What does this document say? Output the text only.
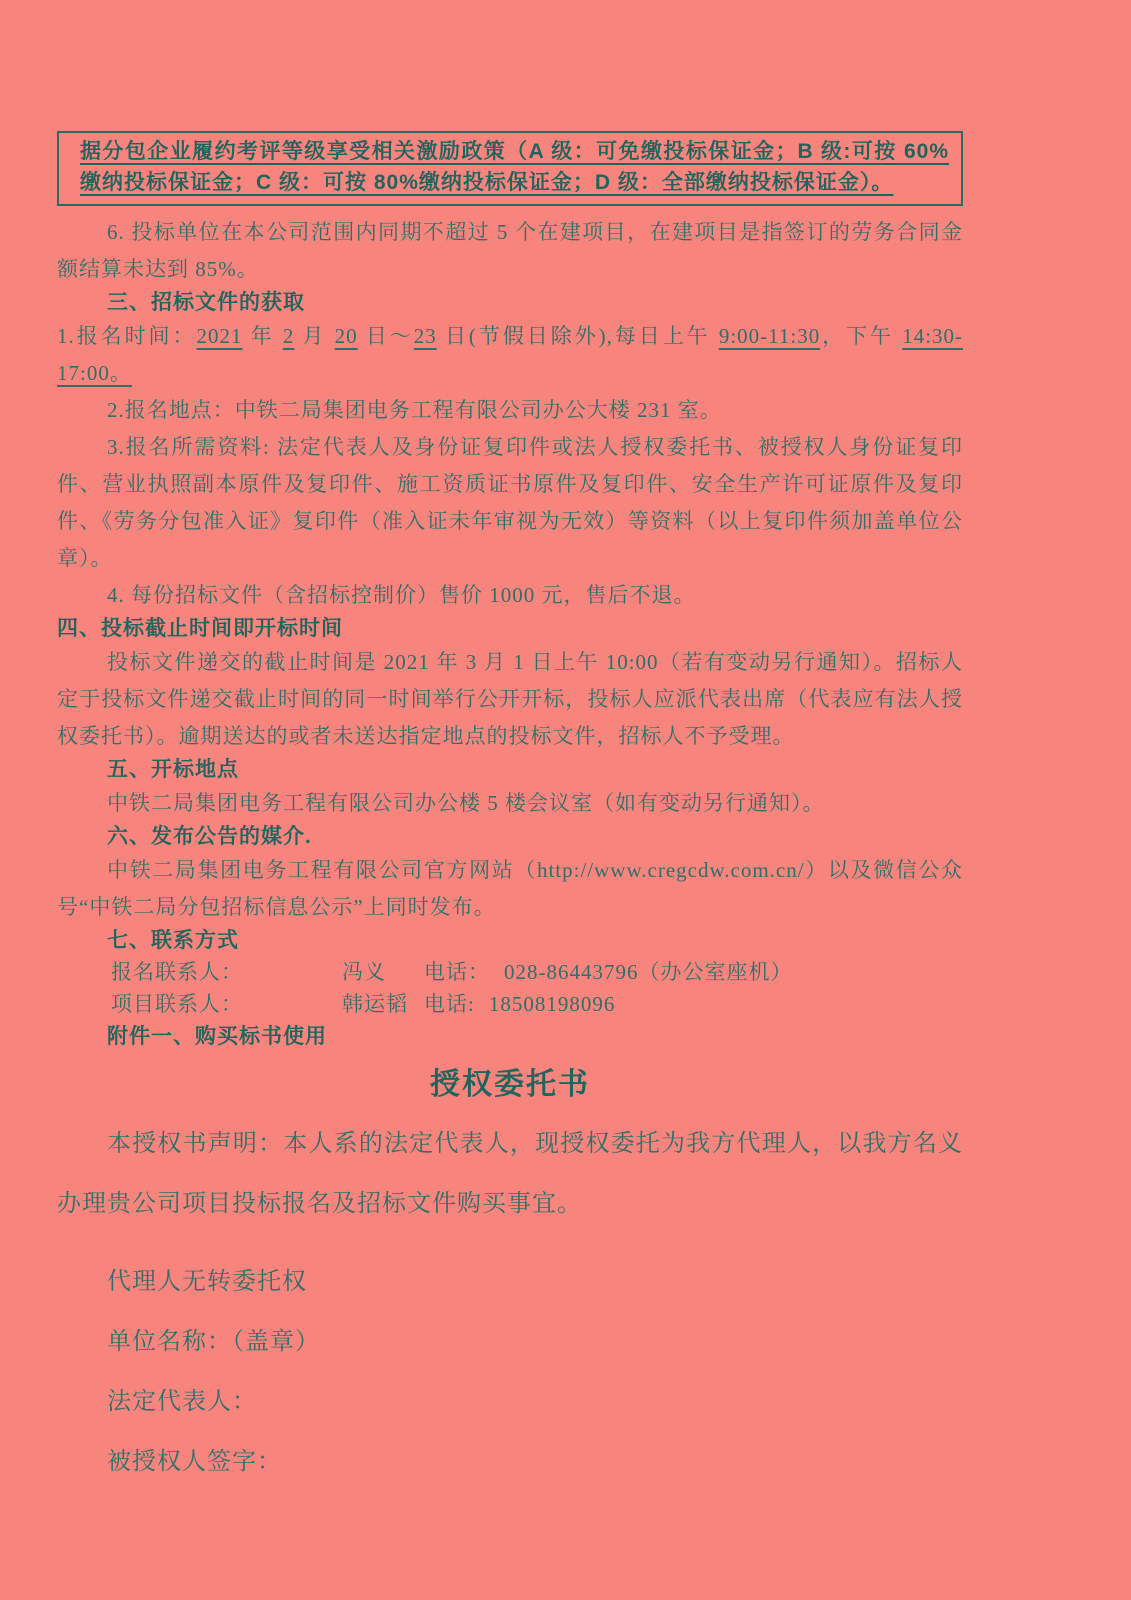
据分包企业履约考评等级享受相关激励政策（A 级：可免缴投标保证金；B 级:可按 60%缴纳投标保证金；C 级：可按 80%缴纳投标保证金；D 级：全部缴纳投标保证金）。

6. 投标单位在本公司范围内同期不超过 5 个在建项目，在建项目是指签订的劳务合同金额结算未达到 85%。

三、招标文件的获取

1.报名时间：2021 年 2 月 20 日～23 日(节假日除外),每日上午 9:00-11:30，下午 14:30-17:00。

2.报名地点：中铁二局集团电务工程有限公司办公大楼 231 室。

3.报名所需资料: 法定代表人及身份证复印件或法人授权委托书、被授权人身份证复印件、营业执照副本原件及复印件、施工资质证书原件及复印件、安全生产许可证原件及复印件、《劳务分包准入证》复印件（准入证未年审视为无效）等资料（以上复印件须加盖单位公章）。

4. 每份招标文件（含招标控制价）售价 1000 元，售后不退。

四、投标截止时间即开标时间

投标文件递交的截止时间是 2021 年 3 月 1 日上午 10:00（若有变动另行通知）。招标人定于投标文件递交截止时间的同一时间举行公开开标，投标人应派代表出席（代表应有法人授权委托书）。逾期送达的或者未送达指定地点的投标文件，招标人不予受理。

五、开标地点

中铁二局集团电务工程有限公司办公楼 5 楼会议室（如有变动另行通知）。

六、发布公告的媒介.

中铁二局集团电务工程有限公司官方网站（http://www.cregcdw.com.cn/）以及微信公众号“中铁二局分包招标信息公示”上同时发布。

七、联系方式

报名联系人：	冯义 电话： 028-86443796（办公室座机）

项目联系人：	韩运韬 电话: 18508198096

附件一、购买标书使用

授权委托书

本授权书声明：本人系的法定代表人，现授权委托为我方代理人，以我方名义办理贵公司项目投标报名及招标文件购买事宜。

代理人无转委托权

单位名称：（盖章）

法定代表人：

被授权人签字：
